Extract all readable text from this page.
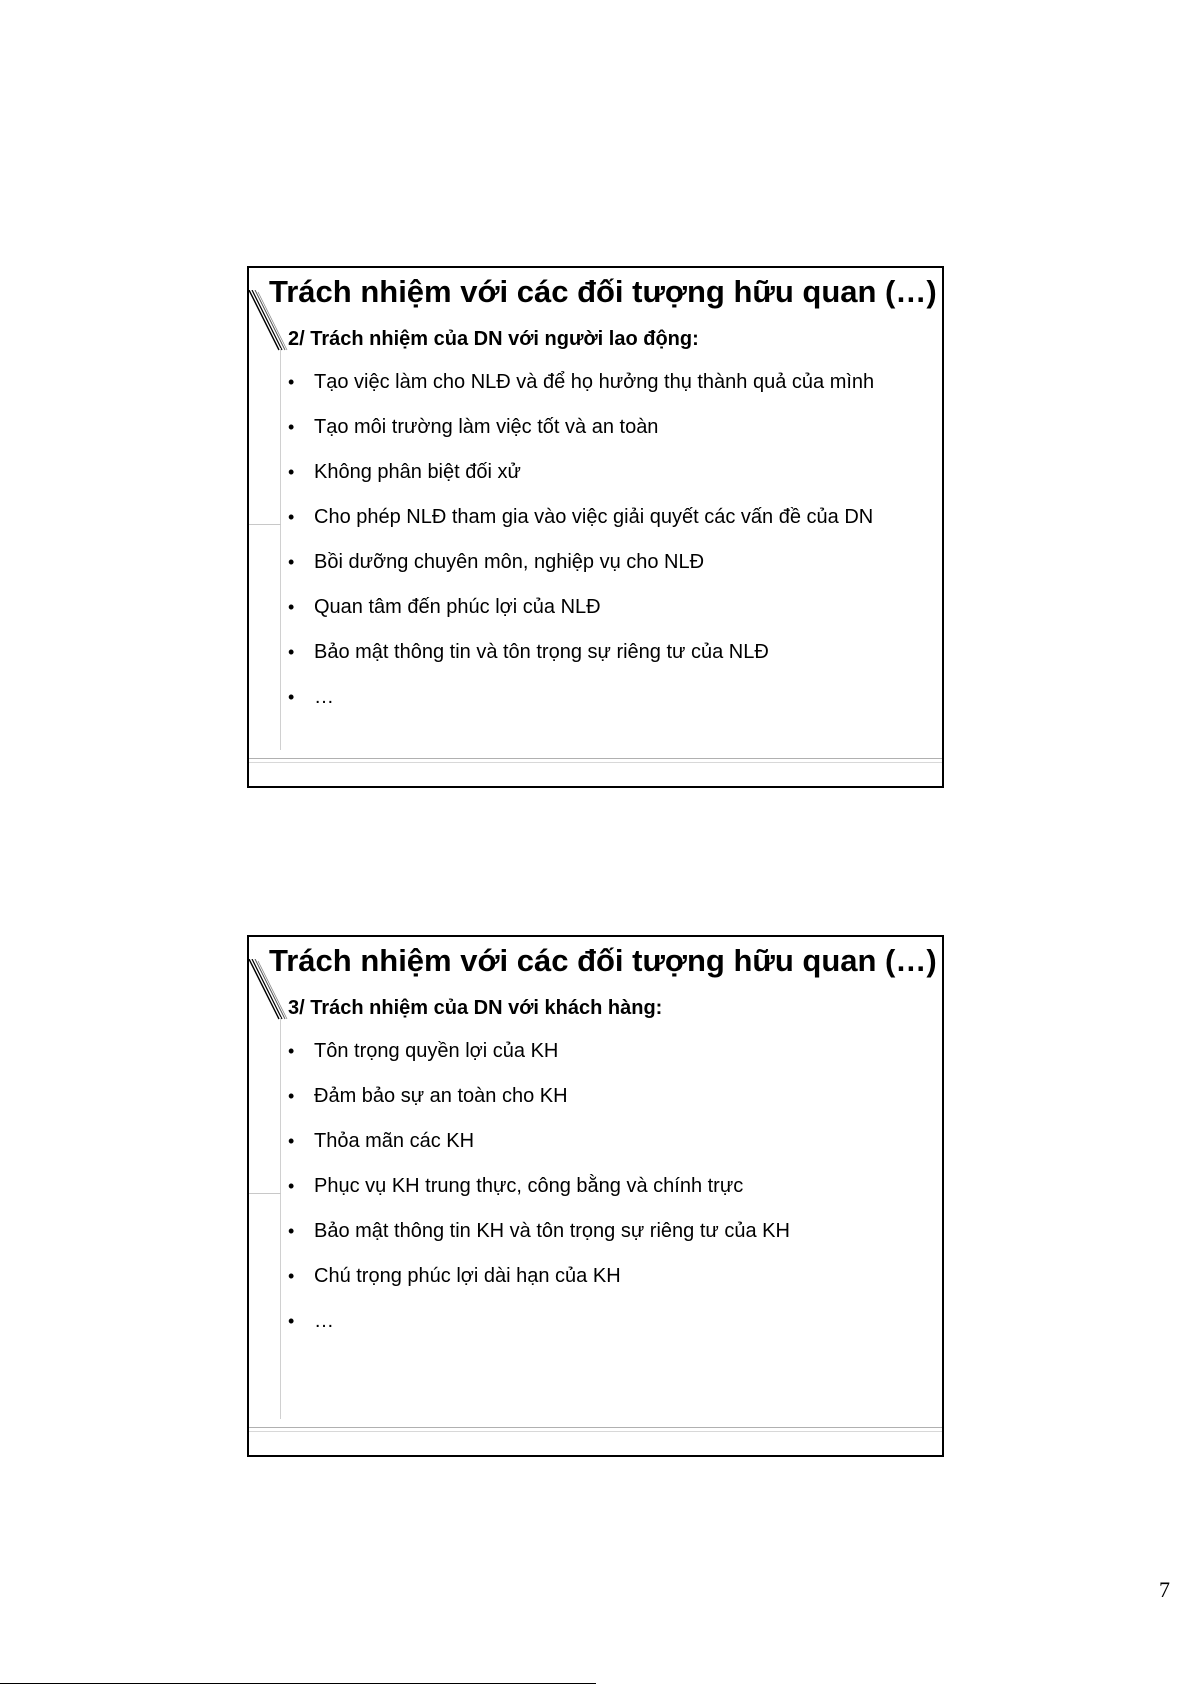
Trách nhiệm với các đối tượng hữu quan (…)
2/ Trách nhiệm của DN với người lao động:
• Tạo việc làm cho NLĐ và để họ hưởng thụ thành quả của mình
• Tạo môi trường làm việc tốt và an toàn
• Không phân biệt đối xử
• Cho phép NLĐ tham gia vào việc giải quyết các vấn đề của DN
• Bồi dưỡng chuyên môn, nghiệp vụ cho NLĐ
• Quan tâm đến phúc lợi của NLĐ
• Bảo mật thông tin và tôn trọng sự riêng tư của NLĐ
• …
Trách nhiệm với các đối tượng hữu quan (…)
3/ Trách nhiệm của DN với khách hàng:
• Tôn trọng quyền lợi của KH
• Đảm bảo sự an toàn cho KH
• Thỏa mãn các KH
• Phục vụ KH trung thực, công bằng và chính trực
• Bảo mật thông tin KH và tôn trọng sự riêng tư của KH
• Chú trọng phúc lợi dài hạn của KH
• …
7
